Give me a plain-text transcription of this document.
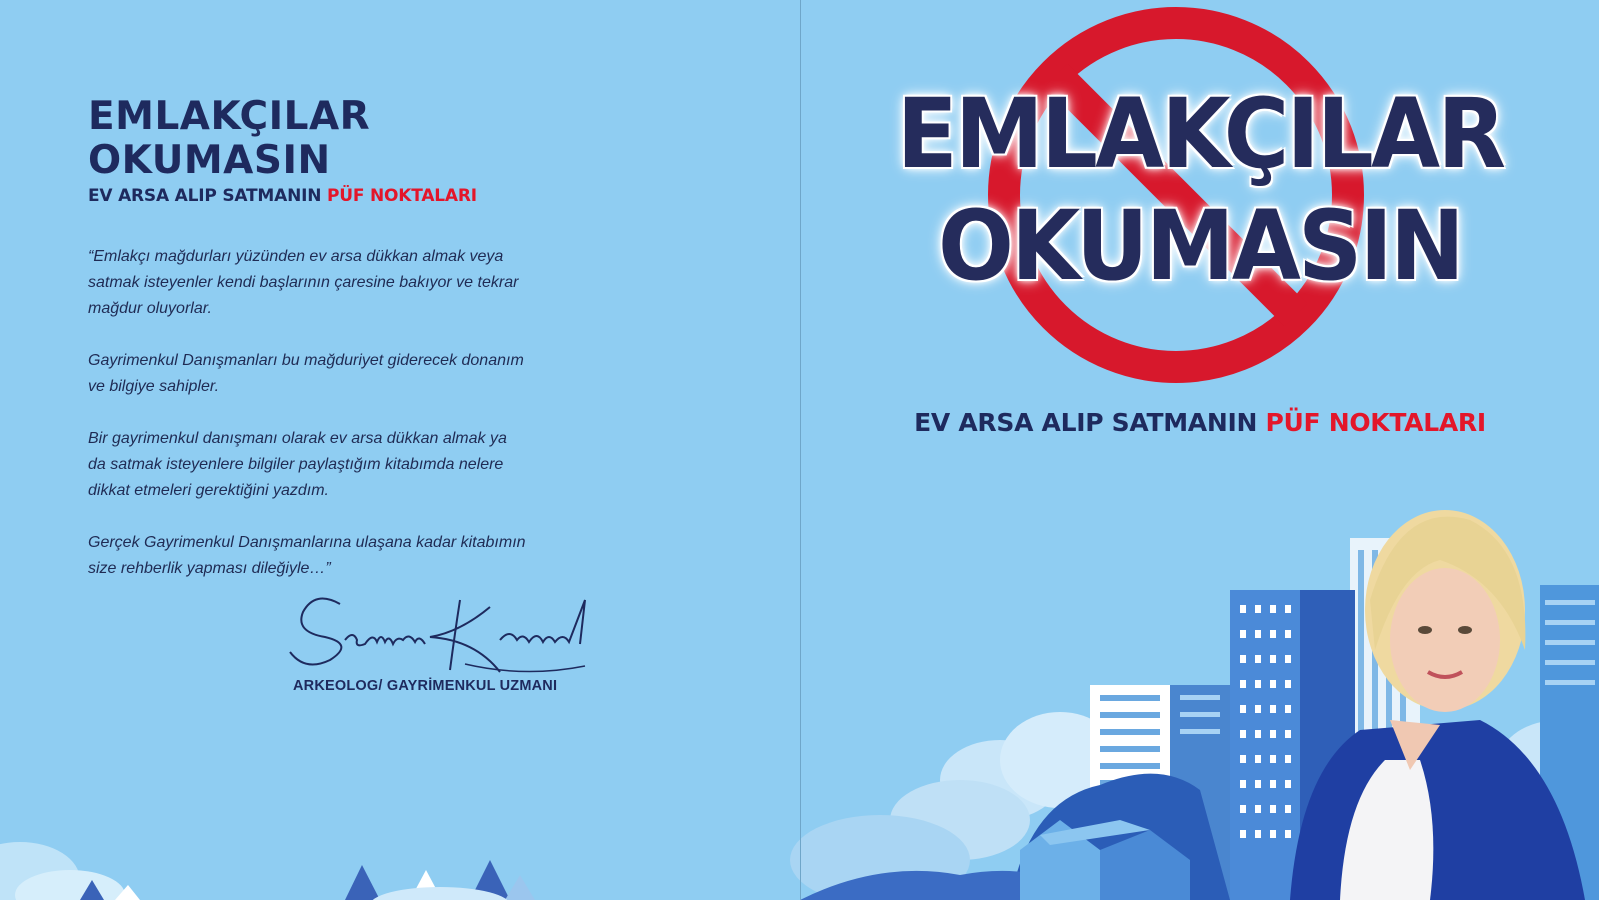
EMLAKÇILAR
OKUMASIN
EV ARSA ALIP SATMANIN PÜF NOKTALARI

“Emlakçı mağdurları yüzünden ev arsa dükkan almak veya satmak isteyenler kendi başlarının çaresine bakıyor ve tekrar mağdur oluyorlar.

Gayrimenkul Danışmanları bu mağduriyet giderecek donanım ve bilgiye sahipler.

Bir gayrimenkul danışmanı olarak ev arsa dükkan almak ya da satmak isteyenlere bilgiler paylaştığım kitabımda nelere dikkat etmeleri gerektiğini yazdım.

Gerçek Gayrimenkul Danışmanlarına ulaşana kadar kitabımın size rehberlik yapması dileğiyle…”

ARKEOLOG/ GAYRİMENKUL UZMANI
EMLAKÇILAR
OKUMASIN
EV ARSA ALIP SATMANIN PÜF NOKTALARI
